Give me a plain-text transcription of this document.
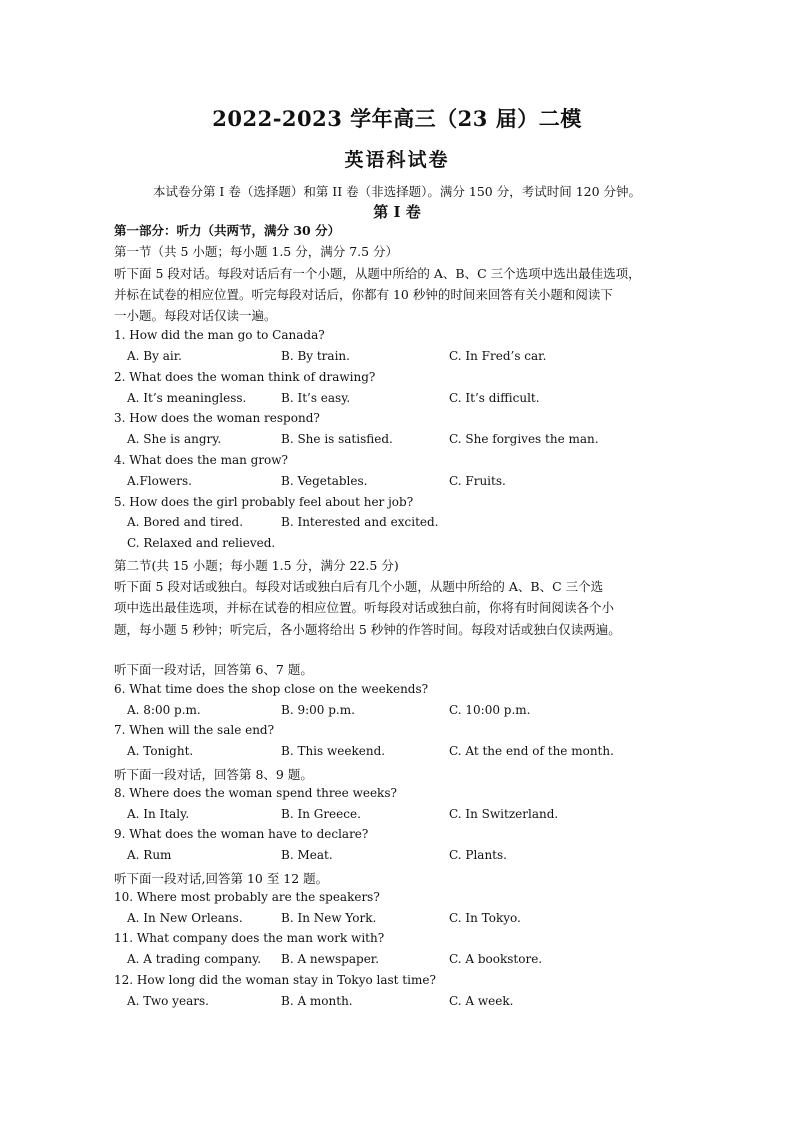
2022-2023 学年高三（23 届）二模
英语科试卷
本试卷分第 I 卷（选择题）和第 II 卷（非选择题）。满分 150 分，考试时间 120 分钟。
第 I 卷
第一部分：听力（共两节，满分 30 分）
第一节（共 5 小题；每小题 1.5 分，满分 7.5 分）
听下面 5 段对话。每段对话后有一个小题，从题中所给的 A、B、C 三个选项中选出最佳选项，
并标在试卷的相应位置。听完每段对话后，你都有 10 秒钟的时间来回答有关小题和阅读下
一小题。每段对话仅读一遍。
1. How did the man go to Canada?
A. By air.	B. By train.	C. In Fred’s car.
2. What does the woman think of drawing?
A. It’s meaningless.	B. It’s easy.	C. It’s difficult.
3. How does the woman respond?
A. She is angry.	B. She is satisfied.	C. She forgives the man.
4. What does the man grow?
A.Flowers.	B. Vegetables.	C. Fruits.
5. How does the girl probably feel about her job?
A. Bored and tired.	B. Interested and excited.
C. Relaxed and relieved.
第二节(共 15 小题；每小题 1.5 分，满分 22.5 分)
听下面 5 段对话或独白。每段对话或独白后有几个小题，从题中所给的 A、B、C 三个选
项中选出最佳选项，并标在试卷的相应位置。听每段对话或独白前，你将有时间阅读各个小
题，每小题 5 秒钟；听完后，各小题将给出 5 秒钟的作答时间。每段对话或独白仅读两遍。
听下面一段对话，回答第 6、7 题。
6. What time does the shop close on the weekends?
A. 8:00 p.m.	B. 9:00 p.m.	C. 10:00 p.m.
7. When will the sale end?
A. Tonight.	B. This weekend.	C. At the end of the month.
听下面一段对话，回答第 8、9 题。
8. Where does the woman spend three weeks?
A. In Italy.	B. In Greece.	C. In Switzerland.
9. What does the woman have to declare?
A. Rum	B. Meat.	C. Plants.
听下面一段对话,回答第 10 至 12 题。
10. Where most probably are the speakers?
A. In New Orleans.	B. In New York.	C. In Tokyo.
11. What company does the man work with?
A. A trading company. B. A newspaper.	C. A bookstore.
12. How long did the woman stay in Tokyo last time?
A. Two years.	B. A month.	C. A week.
